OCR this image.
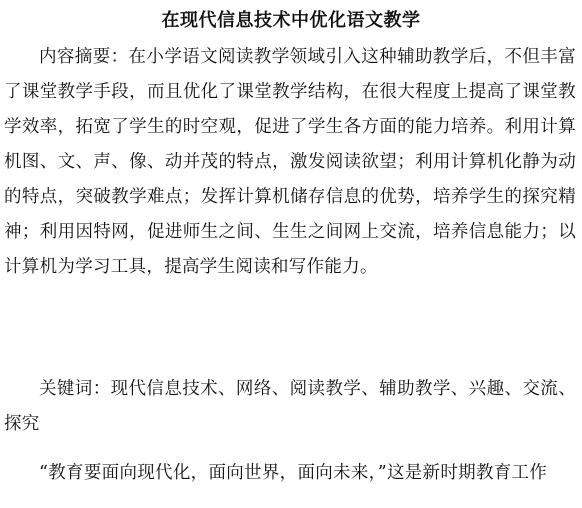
在现代信息技术中优化语文教学

内容摘要：在小学语文阅读教学领域引入这种辅助教学后，不但丰富了课堂教学手段，而且优化了课堂教学结构，在很大程度上提高了课堂教学效率，拓宽了学生的时空观，促进了学生各方面的能力培养。利用计算机图、文、声、像、动并茂的特点，激发阅读欲望；利用计算机化静为动的特点，突破教学难点；发挥计算机储存信息的优势，培养学生的探究精神；利用因特网，促进师生之间、生生之间网上交流，培养信息能力；以计算机为学习工具，提高学生阅读和写作能力。

关键词：现代信息技术、网络、阅读教学、辅助教学、兴趣、交流、探究

“教育要面向现代化，面向世界，面向未来，”这是新时期教育工作
